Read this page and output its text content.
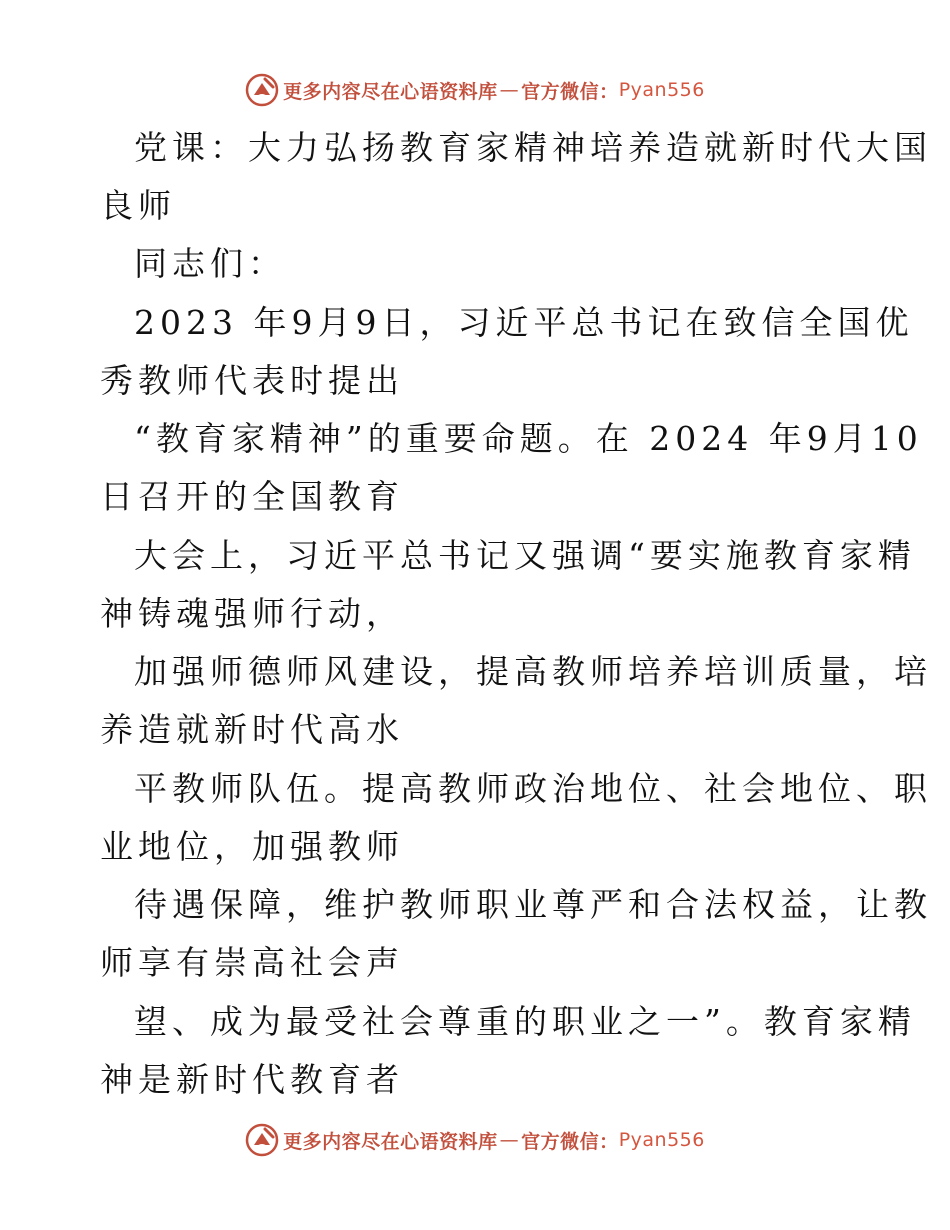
更多内容尽在心语资料库 — 官方微信： Pyan556
党课：大力弘扬教育家精神培养造就新时代大国
良师
同志们：
2023 年9月9日，习近平总书记在致信全国优
秀教师代表时提出
“教育家精神”的重要命题。在 2024 年9月10
日召开的全国教育
大会上，习近平总书记又强调“要实施教育家精
神铸魂强师行动，
加强师德师风建设，提高教师培养培训质量，培
养造就新时代高水
平教师队伍。提高教师政治地位、社会地位、职
业地位，加强教师
待遇保障，维护教师职业尊严和合法权益，让教
师享有崇高社会声
望、成为最受社会尊重的职业之一”。教育家精
神是新时代教育者
更多内容尽在心语资料库 — 官方微信： Pyan556
